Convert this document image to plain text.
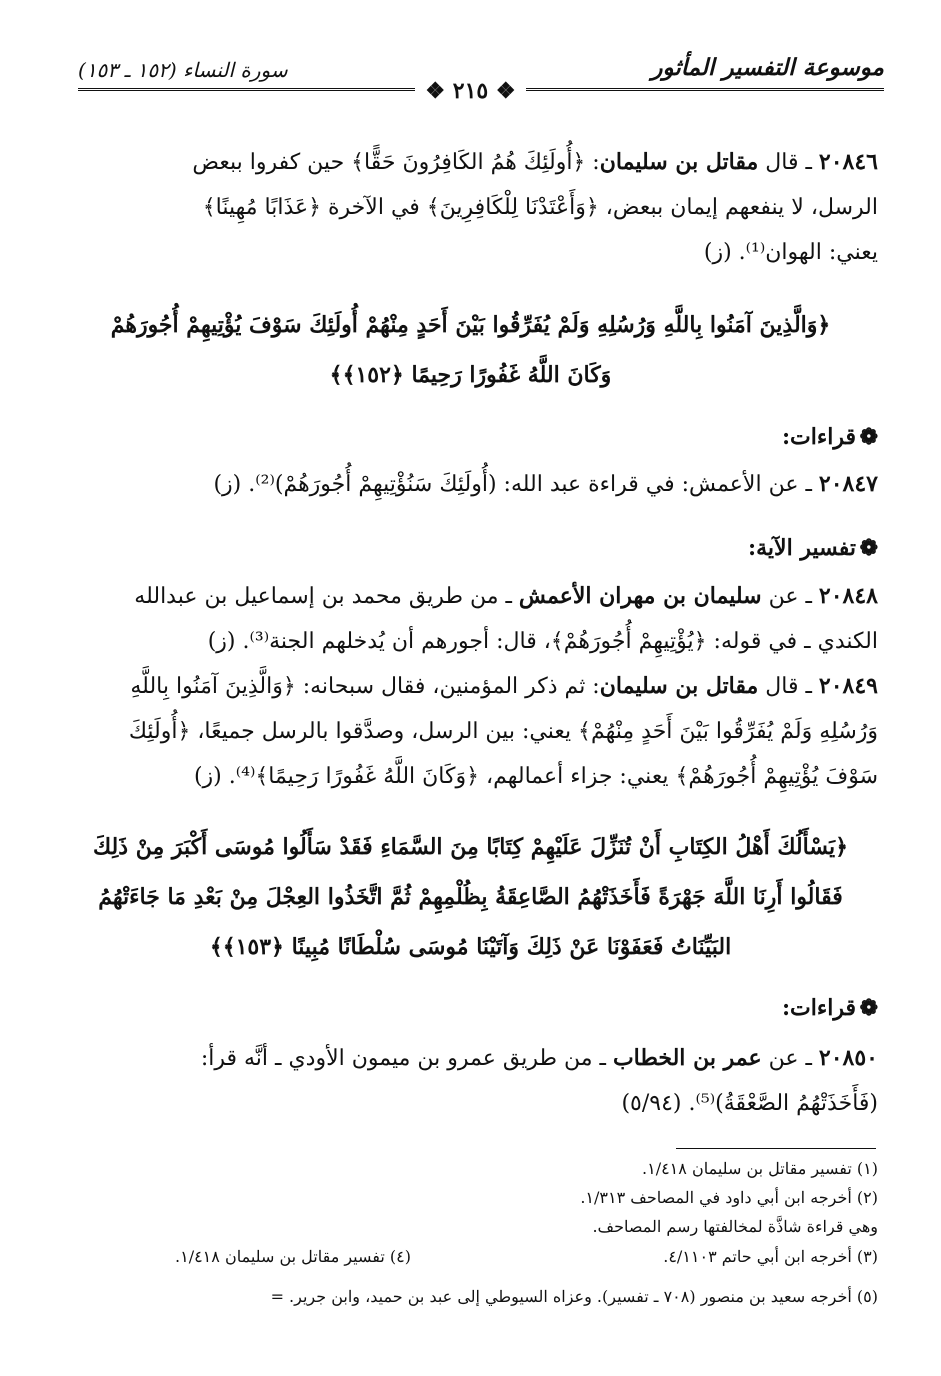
موسوعة التفسير المأثور
سورة النساء (١٥٢ ـ ١٥٣)
❖ ٢١٥ ❖
٢٠٨٤٦ ـ قال مقاتل بن سليمان: ﴿أُولَئِكَ هُمُ الكَافِرُونَ حَقًّا﴾ حين كفروا ببعض
الرسل، لا ينفعهم إيمان ببعض، ﴿وَأَعْتَدْنَا لِلْكَافِرِينَ﴾ في الآخرة ﴿عَذَابًا مُهِينًا﴾
يعني: الهوان⁽¹⁾. (ز)
﴿وَالَّذِينَ آمَنُوا بِاللَّهِ وَرُسُلِهِ وَلَمْ يُفَرِّقُوا بَيْنَ أَحَدٍ مِنْهُمْ أُولَئِكَ سَوْفَ يُؤْتِيهِمْ أُجُورَهُمْ
وَكَانَ اللَّهُ غَفُورًا رَحِيمًا ﴿١٥٢﴾﴾
❁قراءات:
٢٠٨٤٧ ـ عن الأعمش: في قراءة عبد الله: (أُولَئِكَ سَنُؤْتِيهِمْ أُجُورَهُمْ)⁽²⁾. (ز)
❁تفسير الآية:
٢٠٨٤٨ ـ عن سليمان بن مهران الأعمش ـ من طريق محمد بن إسماعيل بن عبدالله
الكندي ـ في قوله: ﴿يُؤْتِيهِمْ أُجُورَهُمْ﴾، قال: أجورهم أن يُدخلهم الجنة⁽³⁾. (ز)
٢٠٨٤٩ ـ قال مقاتل بن سليمان: ثم ذكر المؤمنين، فقال سبحانه: ﴿وَالَّذِينَ آمَنُوا بِاللَّهِ
وَرُسُلِهِ وَلَمْ يُفَرِّقُوا بَيْنَ أَحَدٍ مِنْهُمْ﴾ يعني: بين الرسل، وصدَّقوا بالرسل جميعًا، ﴿أُولَئِكَ
سَوْفَ يُؤْتِيهِمْ أُجُورَهُمْ﴾ يعني: جزاء أعمالهم، ﴿وَكَانَ اللَّهُ غَفُورًا رَحِيمًا﴾⁽⁴⁾. (ز)
﴿يَسْأَلُكَ أَهْلُ الكِتَابِ أَنْ تُنَزِّلَ عَلَيْهِمْ كِتَابًا مِنَ السَّمَاءِ فَقَدْ سَأَلُوا مُوسَى أَكْبَرَ مِنْ ذَلِكَ
فَقَالُوا أَرِنَا اللَّهَ جَهْرَةً فَأَخَذَتْهُمُ الصَّاعِقَةُ بِظُلْمِهِمْ ثُمَّ اتَّخَذُوا العِجْلَ مِنْ بَعْدِ مَا جَاءَتْهُمُ
البَيِّنَاتُ فَعَفَوْنَا عَنْ ذَلِكَ وَآتَيْنَا مُوسَى سُلْطَانًا مُبِينًا ﴿١٥٣﴾﴾
❁قراءات:
٢٠٨٥٠ ـ عن عمر بن الخطاب ـ من طريق عمرو بن ميمون الأودي ـ أنَّه قرأ:
(فَأَخَذَتْهُمُ الصَّعْقَةُ)⁽⁵⁾. (٥/٩٤)
(١) تفسير مقاتل بن سليمان ١/٤١٨.
(٢) أخرجه ابن أبي داود في المصاحف ١/٣١٣.
وهي قراءة شاذَّة لمخالفتها رسم المصاحف.
(٣) أخرجه ابن أبي حاتم ٤/١١٠٣.
(٤) تفسير مقاتل بن سليمان ١/٤١٨.
(٥) أخرجه سعيد بن منصور (٧٠٨ ـ تفسير). وعزاه السيوطي إلى عبد بن حميد، وابن جرير. =
